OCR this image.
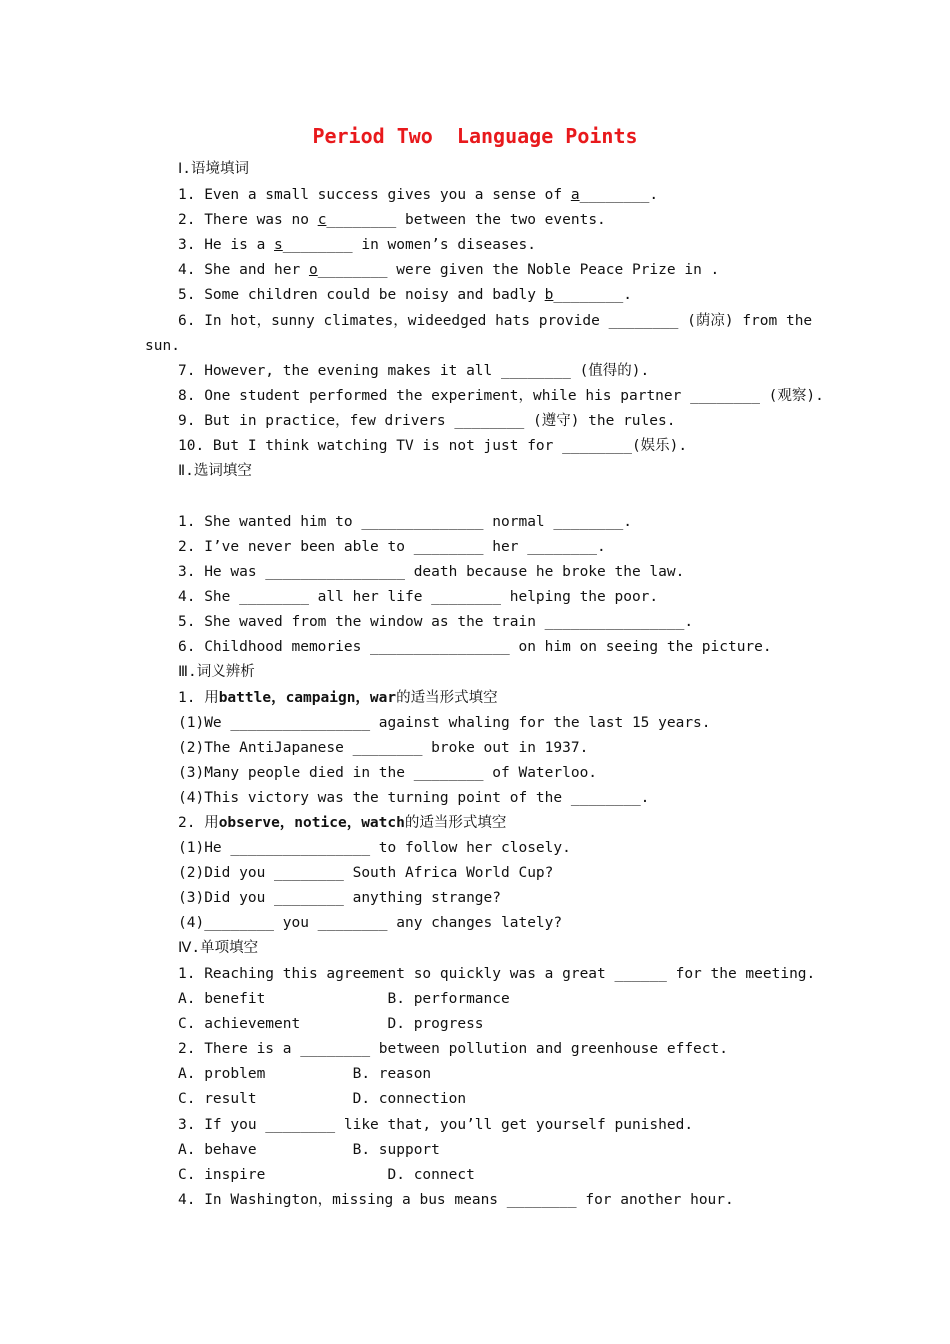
Period Two  Language Points
Ⅰ.语境填词
1. Even a small success gives you a sense of a________.
2. There was no c________ between the two events.
3. He is a s________ in women’s diseases.
4. She and her o________ were given the Noble Peace Prize in .
5. Some children could be noisy and badly b________.
6. In hot，sunny climates，wideedged hats provide ________ (荫凉) from the
sun.
7. However, the evening makes it all ________ (值得的).
8. One student performed the experiment，while his partner ________ (观察).
9. But in practice，few drivers ________ (遵守) the rules.
10. But I think watching TV is not just for ________(娱乐).
Ⅱ.选词填空
1. She wanted him to ______________ normal ________.
2. I’ve never been able to ________ her ________.
3. He was ________________ death because he broke the law.
4. She ________ all her life ________ helping the poor.
5. She waved from the window as the train ________________.
6. Childhood memories ________________ on him on seeing the picture.
Ⅲ.词义辨析
1. 用battle，campaign，war的适当形式填空
(1)We ________________ against whaling for the last 15 years.
(2)The AntiJapanese ________ broke out in 1937.
(3)Many people died in the ________ of Waterloo.
(4)This victory was the turning point of the ________.
2. 用observe，notice，watch的适当形式填空
(1)He ________________ to follow her closely.
(2)Did you ________ South Africa World Cup?
(3)Did you ________ anything strange?
(4)________ you ________ any changes lately?
Ⅳ.单项填空
1. Reaching this agreement so quickly was a great ______ for the meeting.
A. benefit              B. performance
C. achievement          D. progress
2. There is a ________ between pollution and greenhouse effect.
A. problem          B. reason
C. result           D. connection
3. If you ________ like that, you’ll get yourself punished.
A. behave           B. support
C. inspire              D. connect
4. In Washington，missing a bus means ________ for another hour.
